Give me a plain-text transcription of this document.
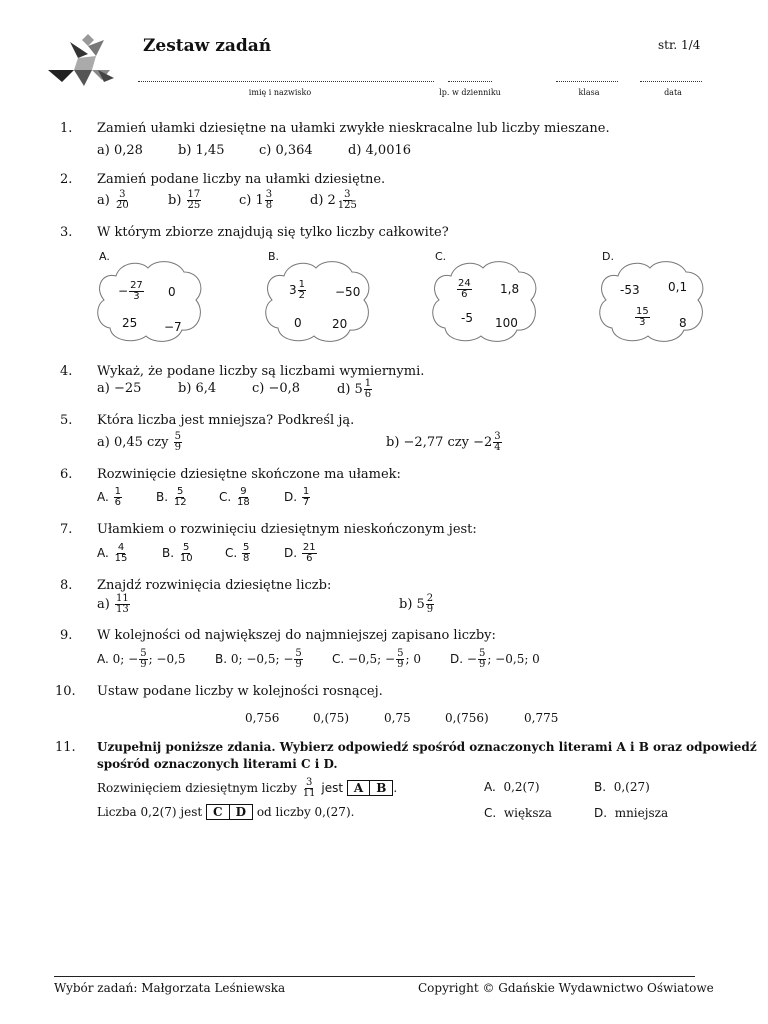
Zestaw zadań	str. 1/4
imię i nazwisko	lp. w dzienniku	klasa	data
1. Zamień ułamki dziesiętne na ułamki zwykłe nieskracalne lub liczby mieszane.
a) 0,28	b) 1,45	c) 0,364	d) 4,0016
2. Zamień podane liczby na ułamki dziesiętne.
$a) \frac{3}{20}$	$b) \frac{17}{25}$	c) $1 \frac{3}{8}$	d) $2 \frac{3}{125}$
3. W którym zbiorze znajdują się tylko liczby całkowite?
A.	B.	C.	D.
− $\frac{27}{3} 0$
25 −7
$3 \frac{1}{2} -50$
0	20
$\frac{24}{6} 1,8$
-5 100
-53 0,1
$\frac{15}{3} 8$
4. Wykaż, że podane liczby są liczbami wymiernymi.
a) −25	b) 6,4	c) −0,8	d) $5 \frac{1}{6}$
5. Która liczba jest mniejsza? Podkreśl ją.
a) 0,45 czy $\frac{5}{9}$	b) −2,77 czy $-2 \frac{3}{4}$
6. Rozwinięcie dziesiętne skończone ma ułamek:
A. $\frac{1}{6}$	B. $\frac{5}{12}$	C. $\frac{9}{18}$	D. $\frac{1}{7}$
7. Ułamkiem o rozwinięciu dziesiętnym nieskończonym jest:
A. $\frac{4}{15}$	B. $\frac{5}{10}$	C. $\frac{5}{8}$	D. $\frac{21}{6}$
8. Znajdź rozwinięcia dziesiętne liczb:
$a) \frac{11}{13}$	b) $5 \frac{2}{9}$
9. W kolejności od największej do najmniejszej zapisano liczby:
A. 0; − $\frac{5}{9}$ ; −0,5 B. 0; −0,5; − $\frac{5}{9} C$. −0,5; − $\frac{5}{9}$ ; 0 D. − $\frac{5}{9}$ ; −0,5; 0
10. Ustaw podane liczby w kolejności rosnącej.
0,756	0,(75)	0,75	0,(756)	0,775
11. Uzupełnij poniższe zdania. Wybierz odpowiedź spośród oznaczonych literami A i B oraz odpowiedź
spośród oznaczonych literami C i D.
Rozwinięciem dziesiętnym liczby $\frac{3}{11}$ jest A	B .
Liczba 0,2(7) jest C	D od liczby 0,(27).
A. 0,2(7)	B. 0,(27)
C. większa	D. mniejsza
Wybór zadań: Małgorzata Leśniewska	Copyright © Gdańskie Wydawnictwo Oświatowe
